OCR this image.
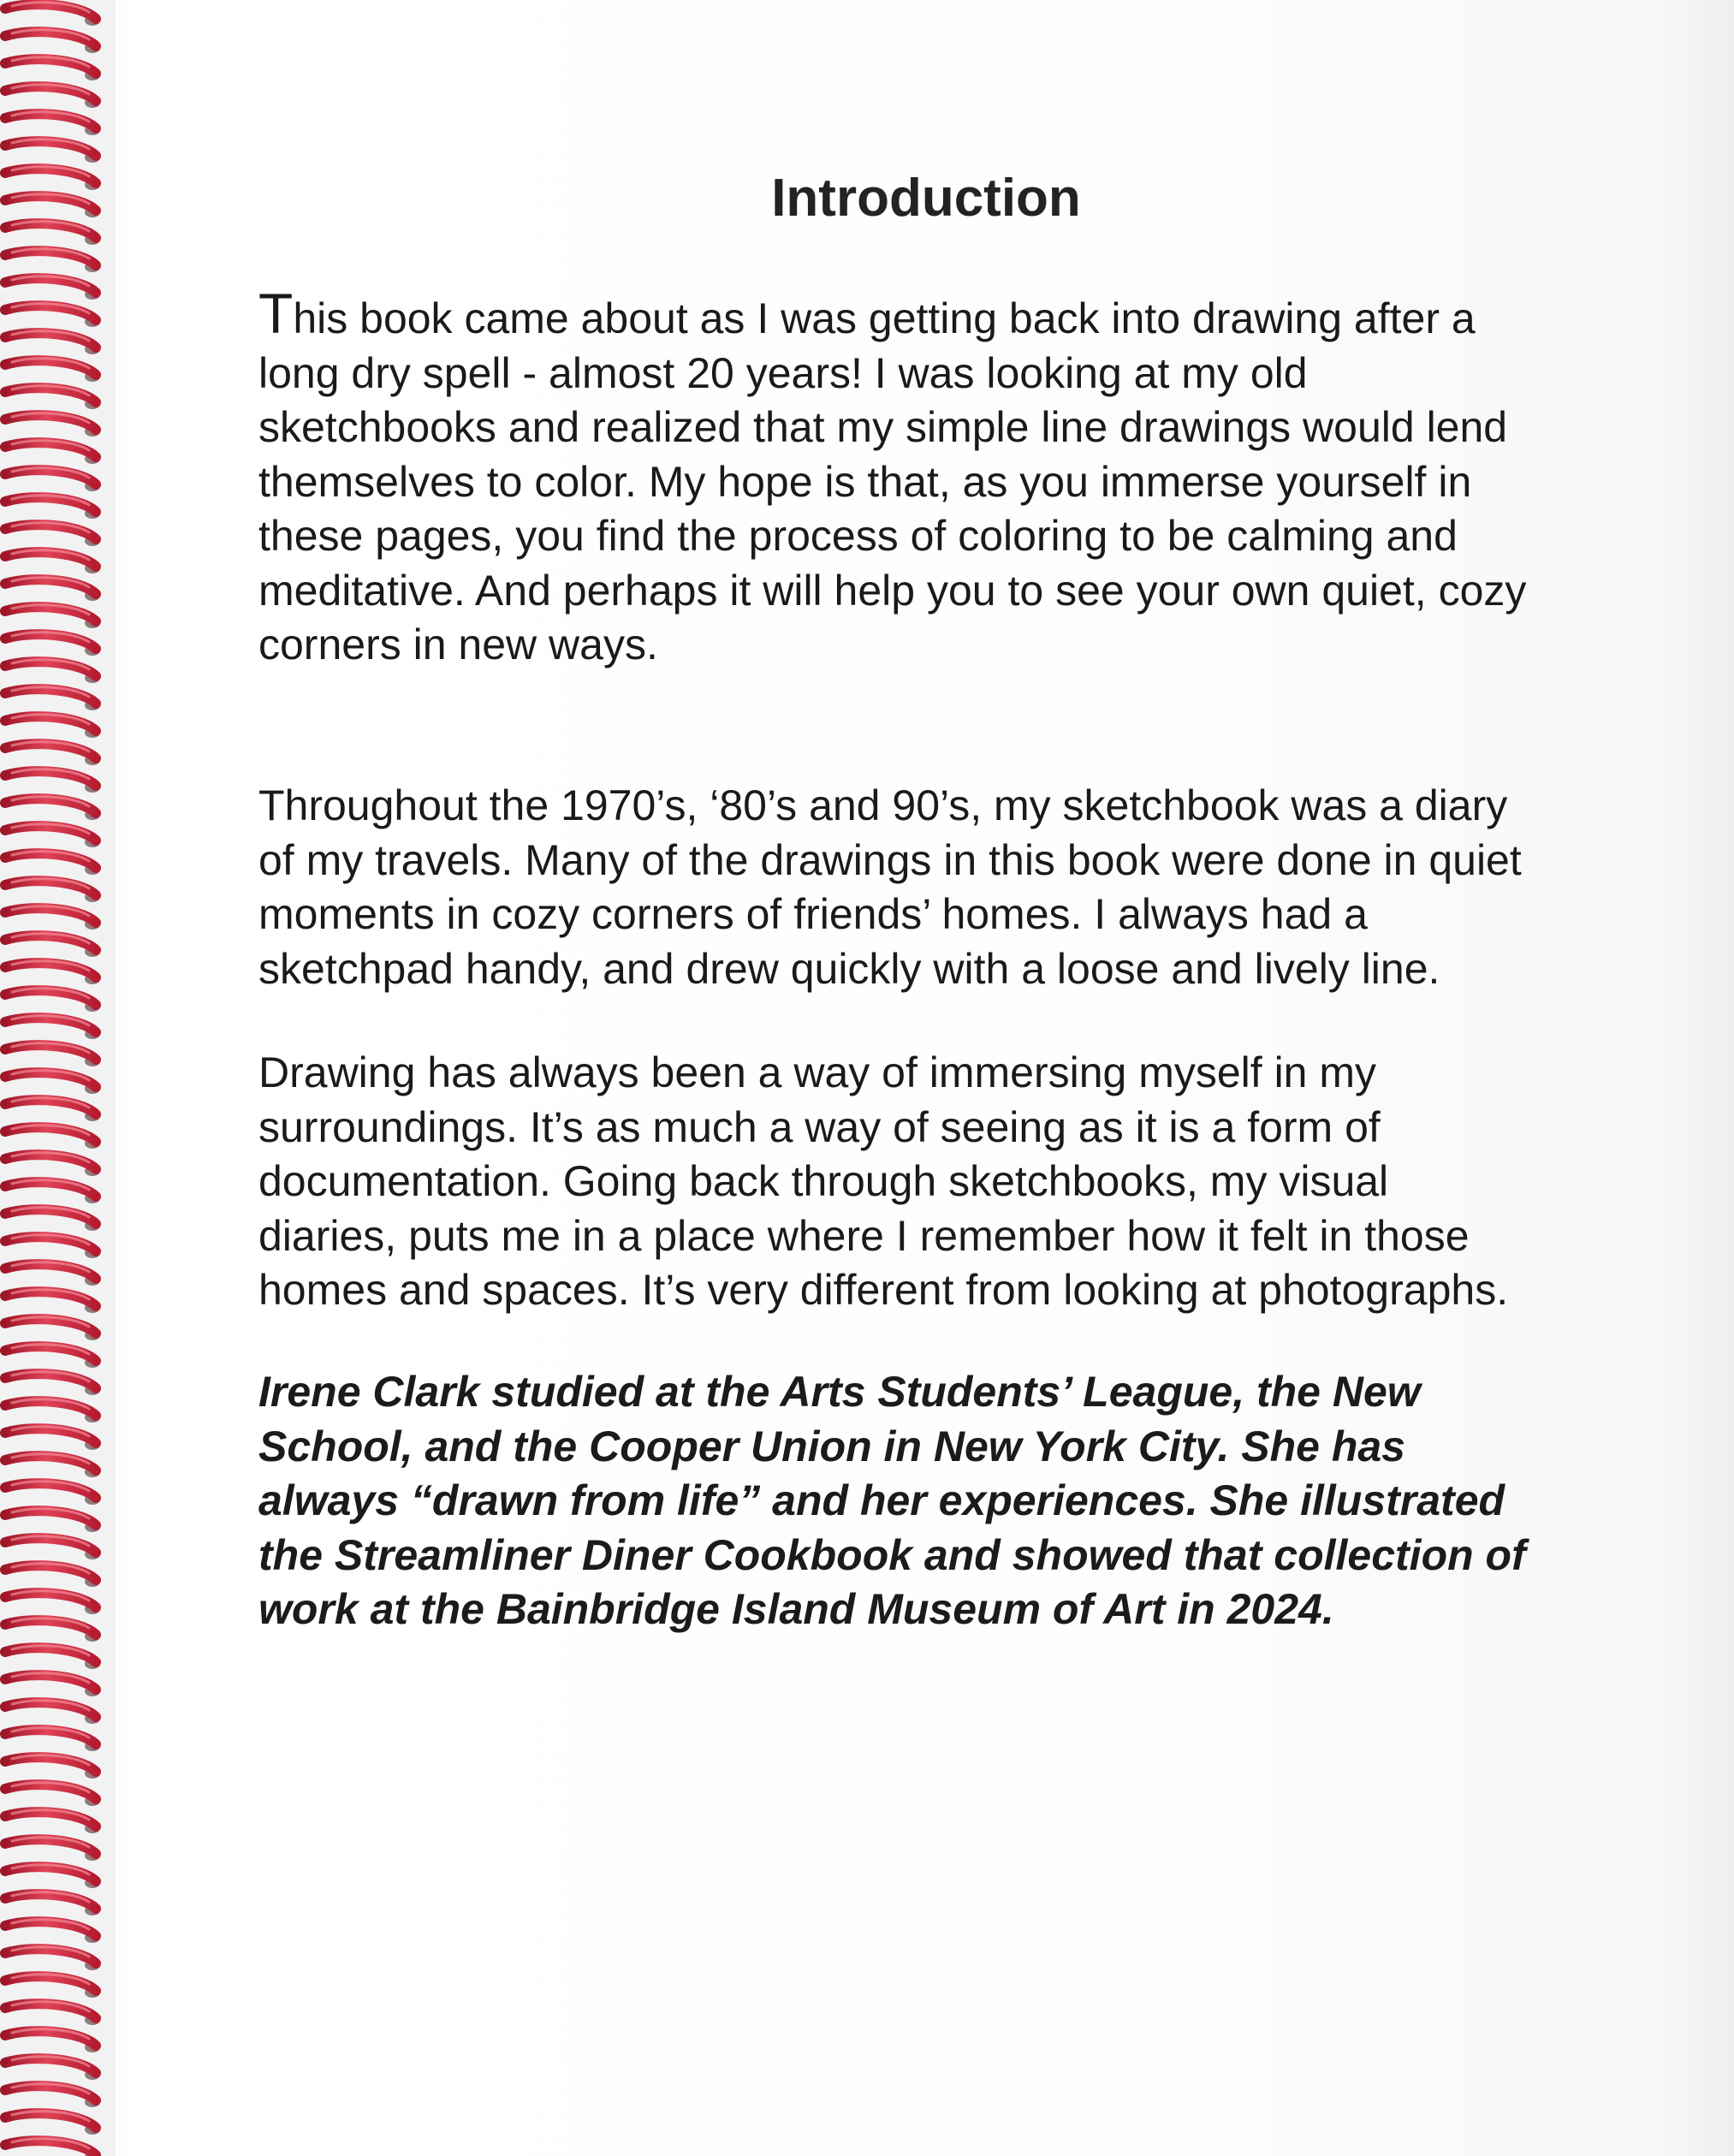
Introduction
This book came about as I was getting back into drawing after a
long dry spell - almost 20 years! I was looking at my old
sketchbooks and realized that my simple line drawings would lend
themselves to color. My hope is that, as you immerse yourself in
these pages, you find the process of coloring to be calming and
meditative. And perhaps it will help you to see your own quiet, cozy
corners in new ways.
Throughout the 1970’s, ‘80’s and 90’s, my sketchbook was a diary
of my travels. Many of the drawings in this book were done in quiet
moments in cozy corners of friends’ homes. I always had a
sketchpad handy, and drew quickly with a loose and lively line.
Drawing has always been a way of immersing myself in my
surroundings. It’s as much a way of seeing as it is a form of
documentation. Going back through sketchbooks, my visual
diaries, puts me in a place where I remember how it felt in those
homes and spaces. It’s very different from looking at photographs.
Irene Clark studied at the Arts Students’ League, the New
School, and the Cooper Union in New York City. She has
always “drawn from life” and her experiences. She illustrated
the Streamliner Diner Cookbook and showed that collection of
work at the Bainbridge Island Museum of Art in 2024.
